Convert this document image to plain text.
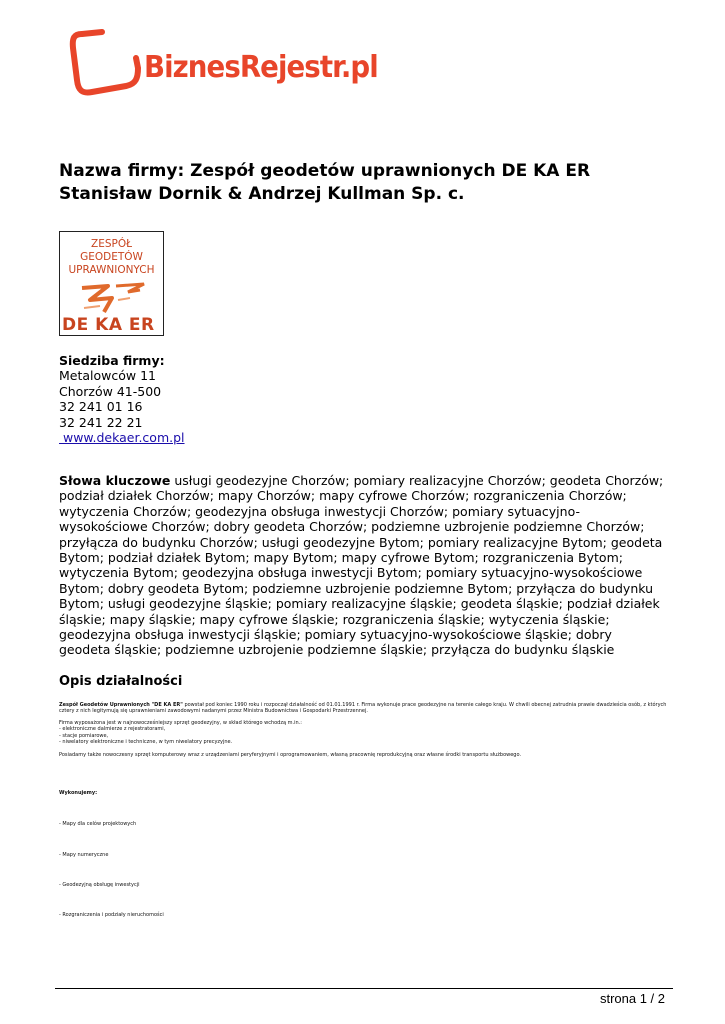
BiznesRejestr.pl
Nazwa firmy: Zespół geodetów uprawnionych DE KA ER
Stanisław Dornik & Andrzej Kullman Sp. c.
ZESPÓŁ
GEODETÓW
UPRAWNIONYCH
DE KA ER
Siedziba firmy:
Metalowców 11
Chorzów 41-500
32 241 01 16
32 241 22 21
www.dekaer.com.pl
Słowa kluczowe usługi geodezyjne Chorzów; pomiary realizacyjne Chorzów; geodeta Chorzów; podział działek Chorzów; mapy Chorzów; mapy cyfrowe Chorzów; rozgraniczenia Chorzów; wytyczenia Chorzów; geodezyjna obsługa inwestycji Chorzów; pomiary sytuacyjno-wysokościowe Chorzów; dobry geodeta Chorzów; podziemne uzbrojenie podziemne Chorzów; przyłącza do budynku Chorzów; usługi geodezyjne Bytom; pomiary realizacyjne Bytom; geodeta Bytom; podział działek Bytom; mapy Bytom; mapy cyfrowe Bytom; rozgraniczenia Bytom; wytyczenia Bytom; geodezyjna obsługa inwestycji Bytom; pomiary sytuacyjno-wysokościowe Bytom; dobry geodeta Bytom; podziemne uzbrojenie podziemne Bytom; przyłącza do budynku Bytom; usługi geodezyjne śląskie; pomiary realizacyjne śląskie; geodeta śląskie; podział działek śląskie; mapy śląskie; mapy cyfrowe śląskie; rozgraniczenia śląskie; wytyczenia śląskie; geodezyjna obsługa inwestycji śląskie; pomiary sytuacyjno-wysokościowe śląskie; dobry geodeta śląskie; podziemne uzbrojenie podziemne śląskie; przyłącza do budynku śląskie
Opis działalności
Zespół Geodetów Uprawnionych "DE KA ER" powstał pod koniec 1990 roku i rozpoczął działalność od 01.01.1991 r. Firma wykonuje prace geodezyjne na terenie całego kraju. W chwili obecnej zatrudnia prawie dwadzieścia osób, z których cztery z nich legitymują się uprawnieniami zawodowymi nadanymi przez Ministra Budownictwa i Gospodarki Przestrzennej.
Firma wyposażona jest w najnowocześniejszy sprzęt geodezyjny, w skład którego wchodzą m.in.:
- elektroniczne dalmierze z rejestratorami,
- stacje pomiarowe,
- niwelatory elektroniczne i techniczne, w tym niwelatory precyzyjne.
Posiadamy także nowoczesny sprzęt komputerowy wraz z urządzeniami peryferyjnymi i oprogramowaniem, własną pracownię reprodukcyjną oraz własne środki transportu służbowego.
Wykonujemy:
- Mapy dla celów projektowych
- Mapy numeryczne
- Geodezyjną obsługę inwestycji
- Rozgraniczenia i podziały nieruchomości
strona 1 / 2
